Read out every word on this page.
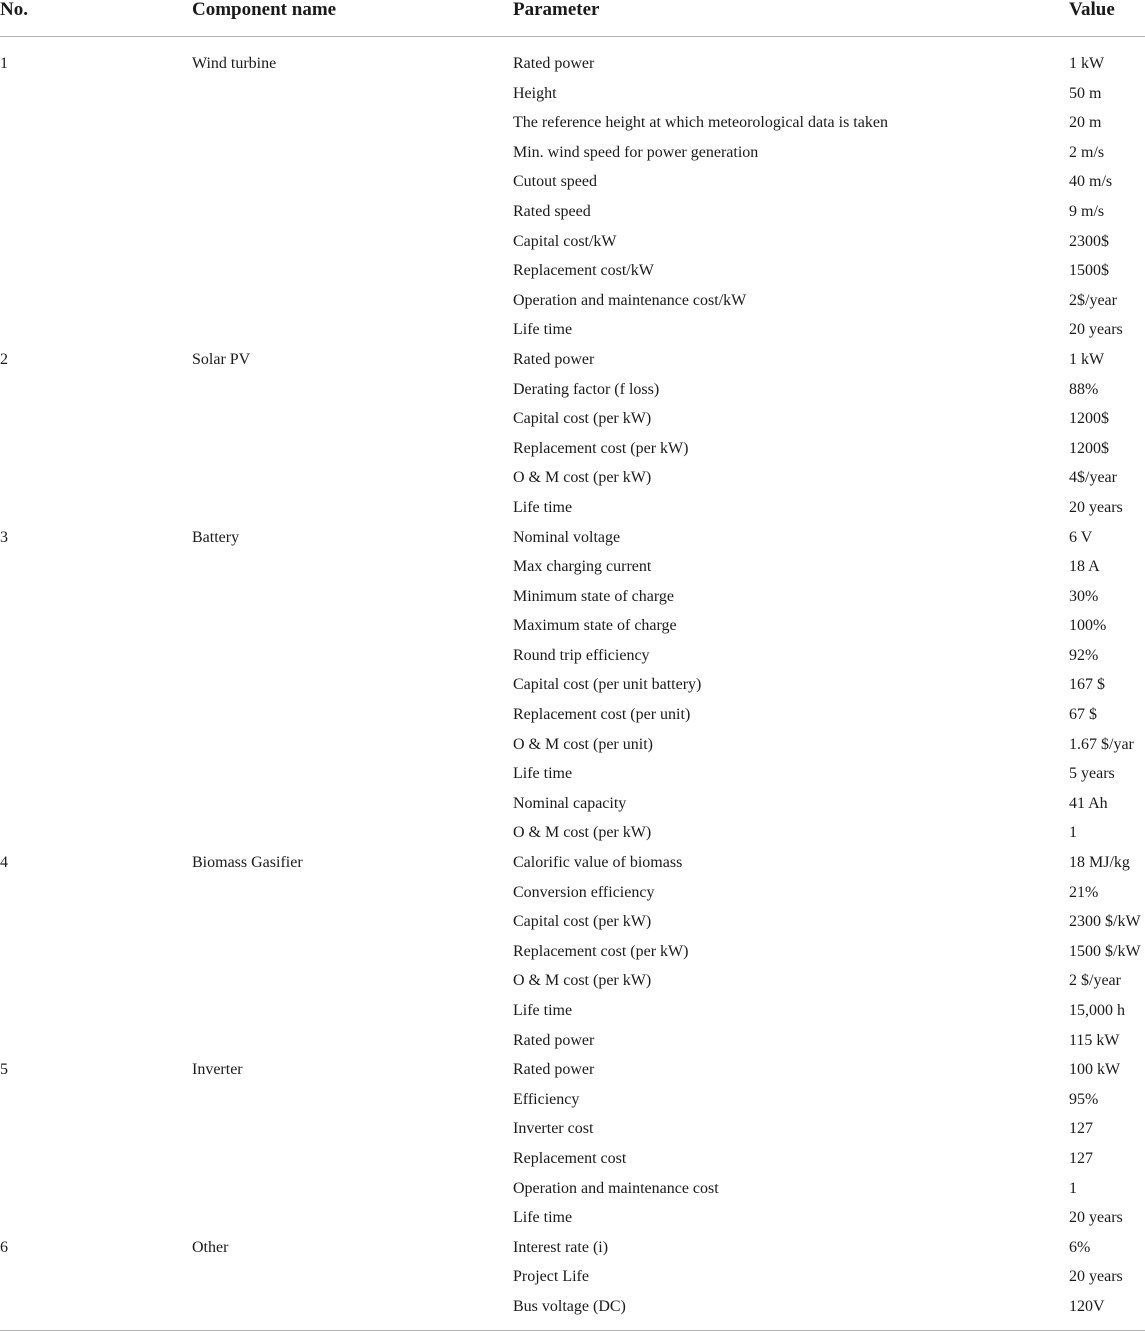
No.	Component name	Parameter	Value
1	Wind turbine	Rated power	1 kW
		Height	50 m
		The reference height at which meteorological data is taken	20 m
		Min. wind speed for power generation	2 m/s
		Cutout speed	40 m/s
		Rated speed	9 m/s
		Capital cost/kW	2300$
		Replacement cost/kW	1500$
		Operation and maintenance cost/kW	2$/year
		Life time	20 years
2	Solar PV	Rated power	1 kW
		Derating factor (f loss)	88%
		Capital cost (per kW)	1200$
		Replacement cost (per kW)	1200$
		O & M cost (per kW)	4$/year
		Life time	20 years
3	Battery	Nominal voltage	6 V
		Max charging current	18 A
		Minimum state of charge	30%
		Maximum state of charge	100%
		Round trip efficiency	92%
		Capital cost (per unit battery)	167 $
		Replacement cost (per unit)	67 $
		O & M cost (per unit)	1.67 $/yar
		Life time	5 years
		Nominal capacity	41 Ah
		O & M cost (per kW)	1
4	Biomass Gasifier	Calorific value of biomass	18 MJ/kg
		Conversion efficiency	21%
		Capital cost (per kW)	2300 $/kW
		Replacement cost (per kW)	1500 $/kW
		O & M cost (per kW)	2 $/year
		Life time	15,000 h
		Rated power	115 kW
5	Inverter	Rated power	100 kW
		Efficiency	95%
		Inverter cost	127
		Replacement cost	127
		Operation and maintenance cost	1
		Life time	20 years
6	Other	Interest rate (i)	6%
		Project Life	20 years
		Bus voltage (DC)	120V
